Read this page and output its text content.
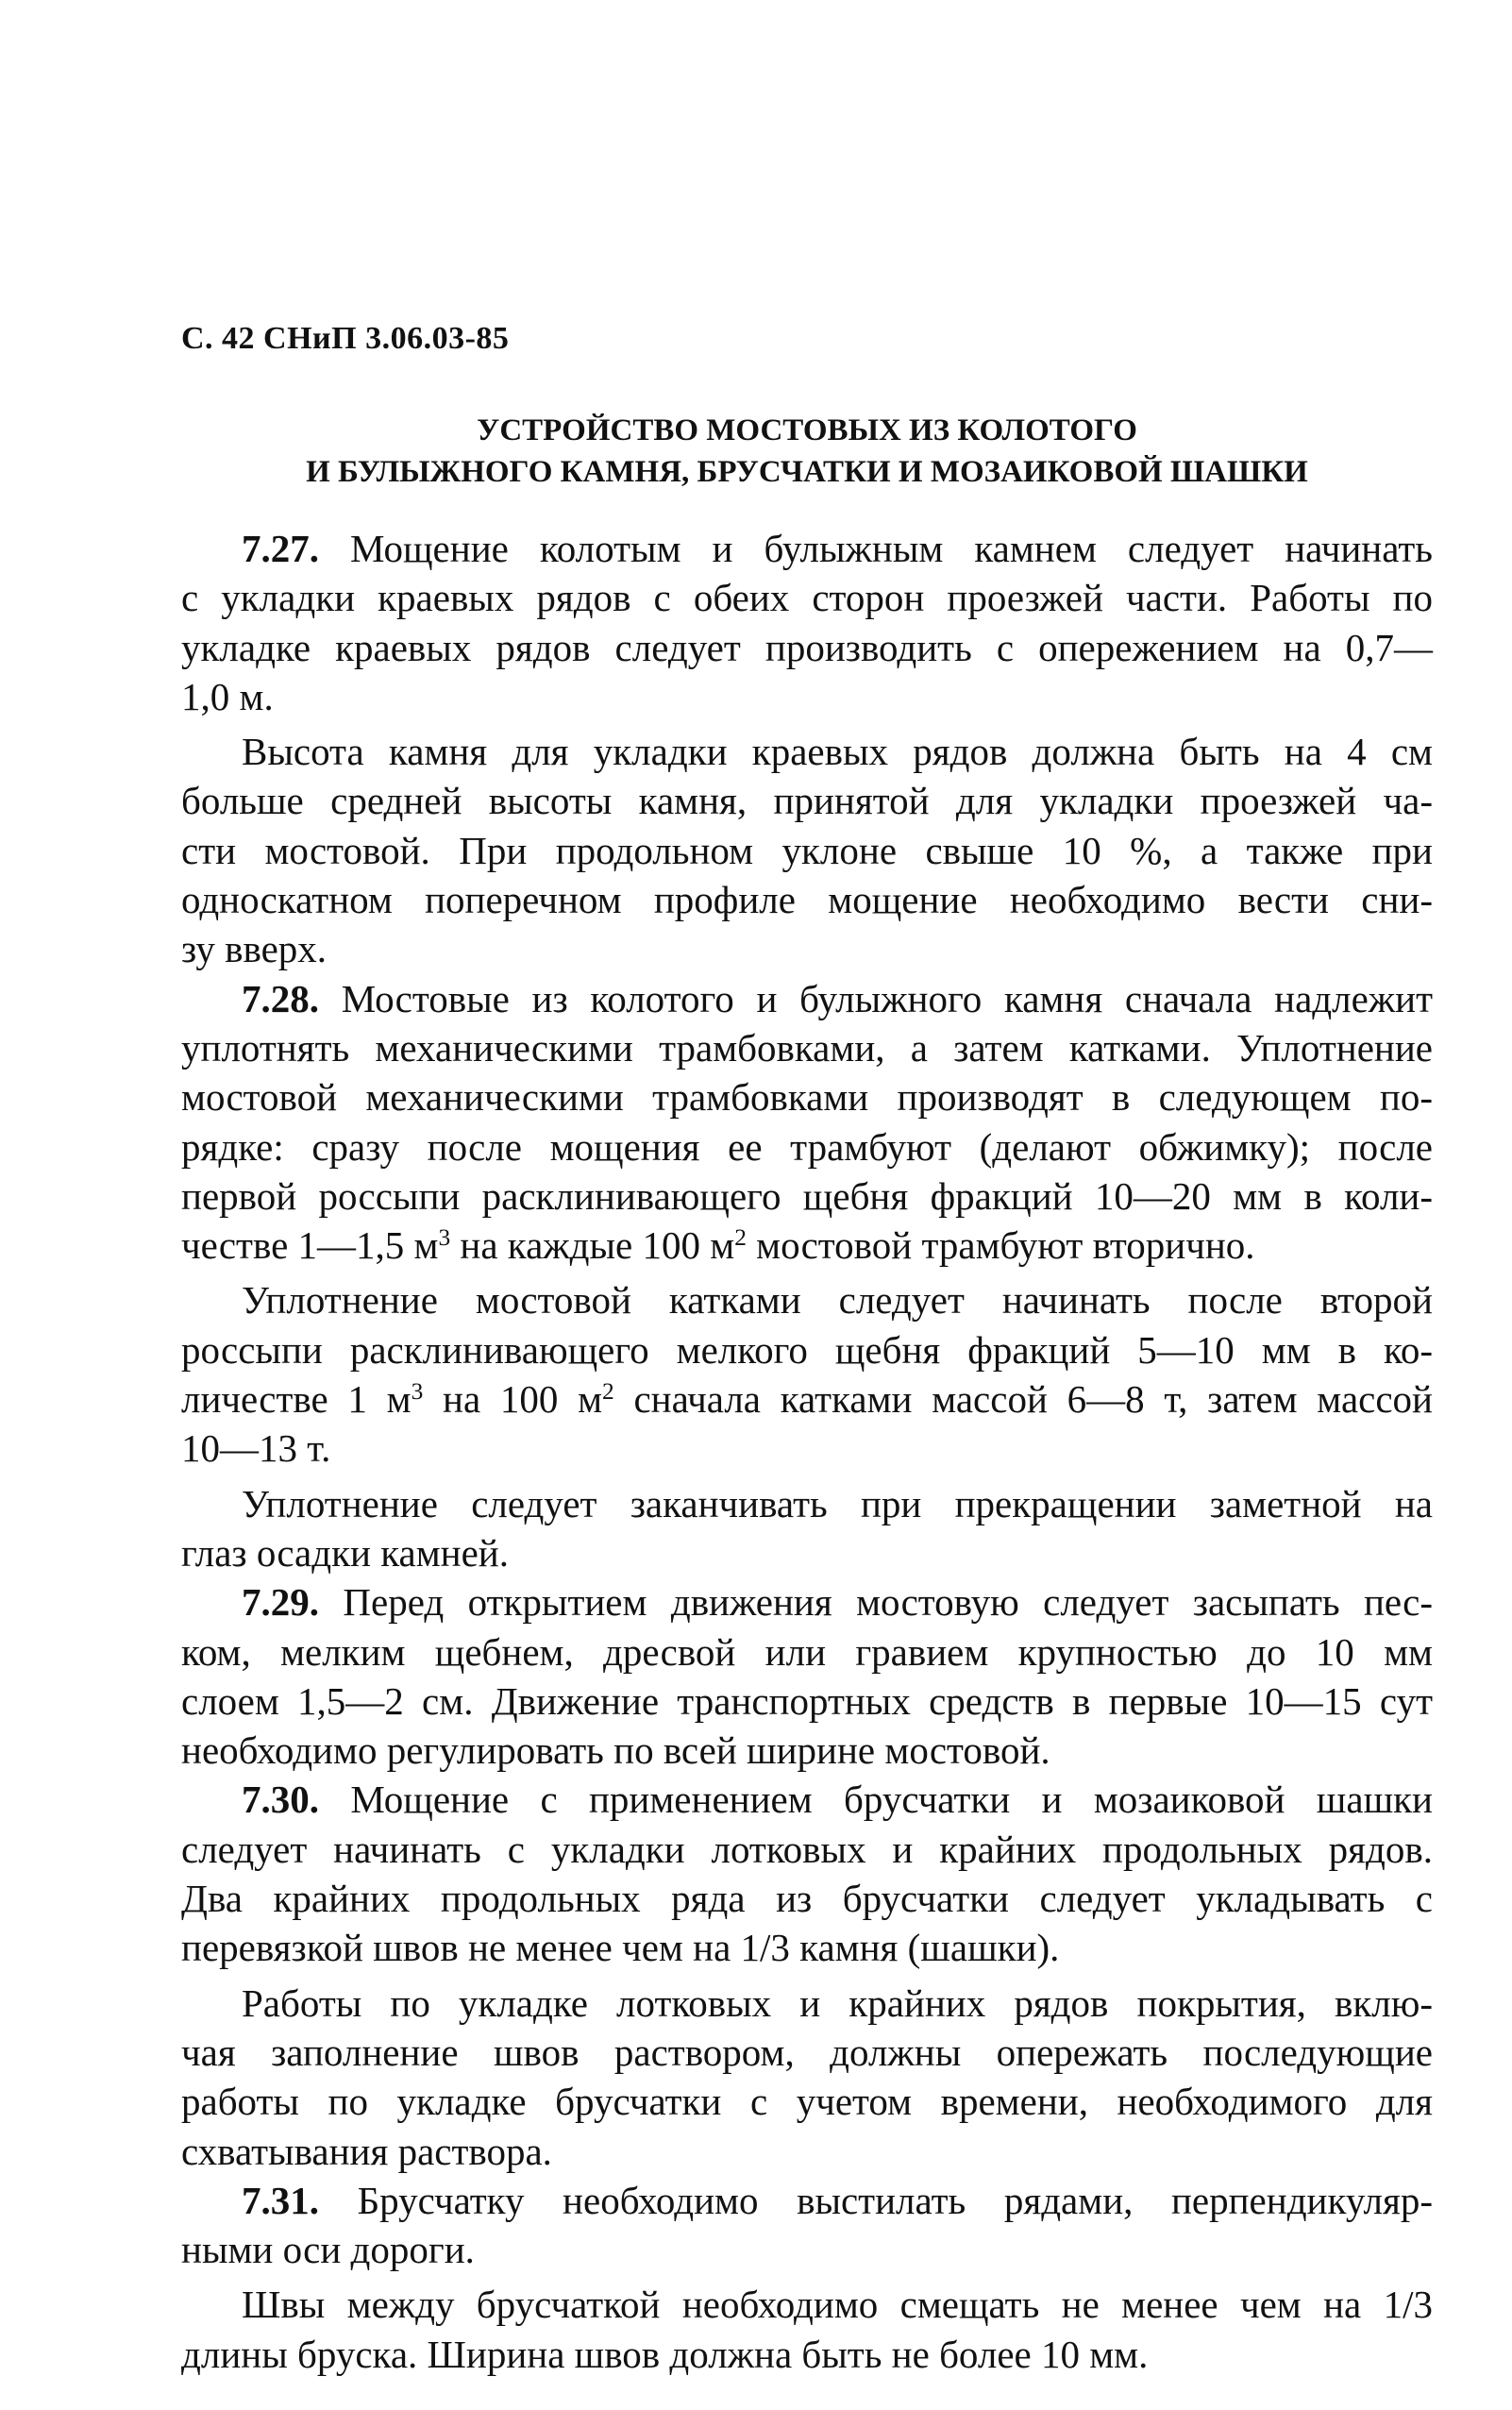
С. 42 СНиП 3.06.03-85
УСТРОЙСТВО МОСТОВЫХ ИЗ КОЛОТОГО
И БУЛЫЖНОГО КАМНЯ, БРУСЧАТКИ И МОЗАИКОВОЙ ШАШКИ
7.27. Мощение колотым и булыжным камнем следует начинать
с укладки краевых рядов с обеих сторон проезжей части. Работы по
укладке краевых рядов следует производить с опережением на 0,7—
1,0 м.
Высота камня для укладки краевых рядов должна быть на 4 см
больше средней высоты камня, принятой для укладки проезжей ча-
сти мостовой. При продольном уклоне свыше 10 %, а также при
односкатном поперечном профиле мощение необходимо вести сни-
зу вверх.
7.28. Мостовые из колотого и булыжного камня сначала надлежит
уплотнять механическими трамбовками, а затем катками. Уплотнение
мостовой механическими трамбовками производят в следующем по-
рядке: сразу после мощения ее трамбуют (делают обжимку); после
первой россыпи расклинивающего щебня фракций 10—20 мм в коли-
честве 1—1,5 $м^3$ на каждые 100 $м^2$ мостовой трамбуют вторично.
Уплотнение мостовой катками следует начинать после второй
россыпи расклинивающего мелкого щебня фракций 5—10 мм в ко-
личестве 1 $м^3$ на 100 $м^2$ сначала катками массой 6—8 т, затем массой
10—13 т.
Уплотнение следует заканчивать при прекращении заметной на
глаз осадки камней.
7.29. Перед открытием движения мостовую следует засыпать пес-
ком, мелким щебнем, дресвой или гравием крупностью до 10 мм
слоем 1,5—2 см. Движение транспортных средств в первые 10—15 сут
необходимо регулировать по всей ширине мостовой.
7.30. Мощение с применением брусчатки и мозаиковой шашки
следует начинать с укладки лотковых и крайних продольных рядов.
Два крайних продольных ряда из брусчатки следует укладывать с
перевязкой швов не менее чем на 1/3 камня (шашки).
Работы по укладке лотковых и крайних рядов покрытия, вклю-
чая заполнение швов раствором, должны опережать последующие
работы по укладке брусчатки с учетом времени, необходимого для
схватывания раствора.
7.31. Брусчатку необходимо выстилать рядами, перпендикуляр-
ными оси дороги.
Швы между брусчаткой необходимо смещать не менее чем на 1/3
длины бруска. Ширина швов должна быть не более 10 мм.
